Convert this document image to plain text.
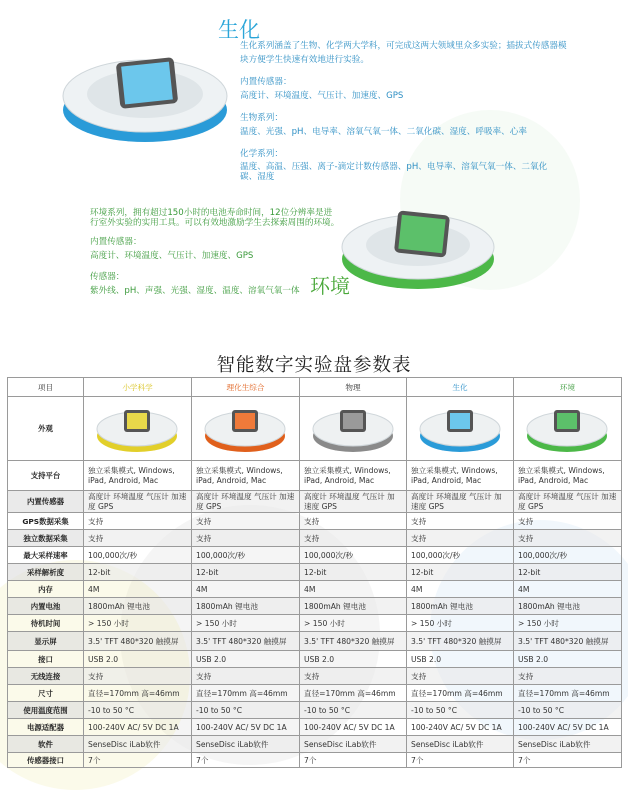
生化

生化系列涵盖了生物、化学两大学科，可完成这两大领域里众多实验；插拔式传感器模块方便学生快速有效地进行实验。

内置传感器：

高度计、环境温度、气压计、加速度、GPS

生物系列：

温度、光强、pH、电导率、溶氧气氧一体、二氧化碳、湿度、呼吸率、心率

化学系列：

温度、高温、压强、离子-滴定计数传感器、pH、电导率、溶氧气氧一体、二氧化碳、湿度

环境系列，拥有超过150小时的电池寿命时间，12位分辨率是进行室外实验的实用工具。可以有效地激励学生去探索周围的环境。

内置传感器：

高度计、环境温度、气压计、加速度、GPS

传感器：

紫外线、pH、声强、光强、湿度、温度、溶氧气氧一体 环境
智能数字实验盘参数表
项目	小学科学	理化生综合	物理	生化	环境
外观					
支持平台	独立采集模式, Windows, iPad, Android, Mac	独立采集模式, Windows, iPad, Android, Mac	独立采集模式, Windows, iPad, Android, Mac	独立采集模式, Windows, iPad, Android, Mac	独立采集模式, Windows, iPad, Android, Mac
内置传感器	高度计 环境温度 气压计 加速度 GPS	高度计 环境温度 气压计 加速度 GPS	高度计 环境温度 气压计 加速度 GPS	高度计 环境温度 气压计 加速度 GPS	高度计 环境温度 气压计 加速度 GPS
GPS数据采集	支持	支持	支持	支持	支持
独立数据采集	支持	支持	支持	支持	支持
最大采样速率	100,000次/秒	100,000次/秒	100,000次/秒	100,000次/秒	100,000次/秒
采样解析度	12-bit	12-bit	12-bit	12-bit	12-bit
内存	4M	4M	4M	4M	4M
内置电池	1800mAh 锂电池	1800mAh 锂电池	1800mAh 锂电池	1800mAh 锂电池	1800mAh 锂电池
待机时间	> 150 小时	> 150 小时	> 150 小时	> 150 小时	> 150 小时
显示屏	3.5' TFT 480*320 触摸屏	3.5' TFT 480*320 触摸屏	3.5' TFT 480*320 触摸屏	3.5' TFT 480*320 触摸屏	3.5' TFT 480*320 触摸屏
接口	USB 2.0	USB 2.0	USB 2.0	USB 2.0	USB 2.0
无线连接	支持	支持	支持	支持	支持
尺寸	直径=170mm 高=46mm	直径=170mm 高=46mm	直径=170mm 高=46mm	直径=170mm 高=46mm	直径=170mm 高=46mm
使用温度范围	-10 to 50 °C	-10 to 50 °C	-10 to 50 °C	-10 to 50 °C	-10 to 50 °C
电源适配器	100-240V AC/ 5V DC 1A	100-240V AC/ 5V DC 1A	100-240V AC/ 5V DC 1A	100-240V AC/ 5V DC 1A	100-240V AC/ 5V DC 1A
软件	SenseDisc iLab软件	SenseDisc iLab软件	SenseDisc iLab软件	SenseDisc iLab软件	SenseDisc iLab软件
传感器接口	7个	7个	7个	7个	7个
